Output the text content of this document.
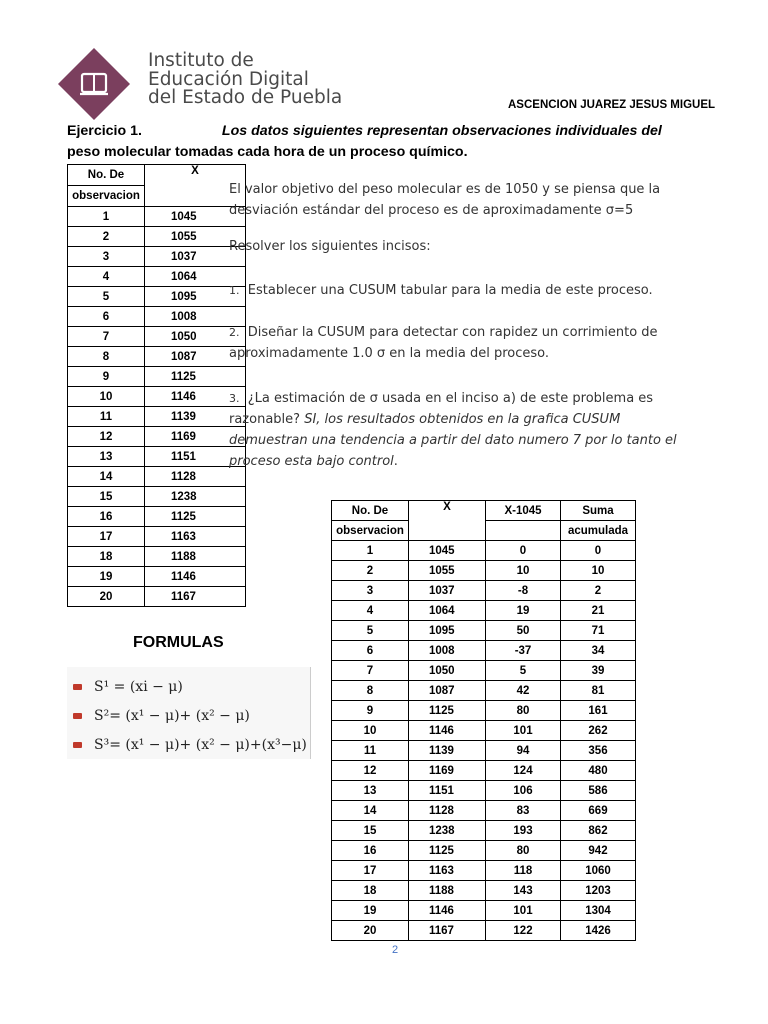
Instituto de
Educación Digital
del Estado de Puebla	ASCENCION JUAREZ JESUS MIGUEL
Ejercicio 1.	Los datos siguientes representan observaciones individuales del
peso molecular tomadas cada hora de un proceso químico.
No. De	X
observacion	
1	1045
2	1055
3	1037
4	1064
5	1095
6	1008
7	1050
8	1087
9	1125
10	1146
11	1139
12	1169
13	1151
14	1128
15	1238
16	1125
17	1163
18	1188
19	1146
20	1167
El valor objetivo del peso molecular es de 1050 y se piensa que la
desviación estándar del proceso es de aproximadamente σ=5
Resolver los siguientes incisos:
1. Establecer una CUSUM tabular para la media de este proceso.
2. Diseñar la CUSUM para detectar con rapidez un corrimiento de
aproximadamente 1.0 σ en la media del proceso.
3. ¿La estimación de σ usada en el inciso a) de este problema es
razonable? SI, los resultados obtenidos en la grafica CUSUM
demuestran una tendencia a partir del dato numero 7 por lo tanto el
proceso esta bajo control.
FORMULAS
S¹ = (xi − μ)
S²= (x¹ − μ)+ (x² − μ)
S³= (x¹ − μ)+ (x² − μ)+(x³−μ)
No. De	X	X-1045	Suma
observacion			acumulada
1	1045	0	0
2	1055	10	10
3	1037	-8	2
4	1064	19	21
5	1095	50	71
6	1008	-37	34
7	1050	5	39
8	1087	42	81
9	1125	80	161
10	1146	101	262
11	1139	94	356
12	1169	124	480
13	1151	106	586
14	1128	83	669
15	1238	193	862
16	1125	80	942
17	1163	118	1060
18	1188	143	1203
19	1146	101	1304
20	1167	122	1426
2
